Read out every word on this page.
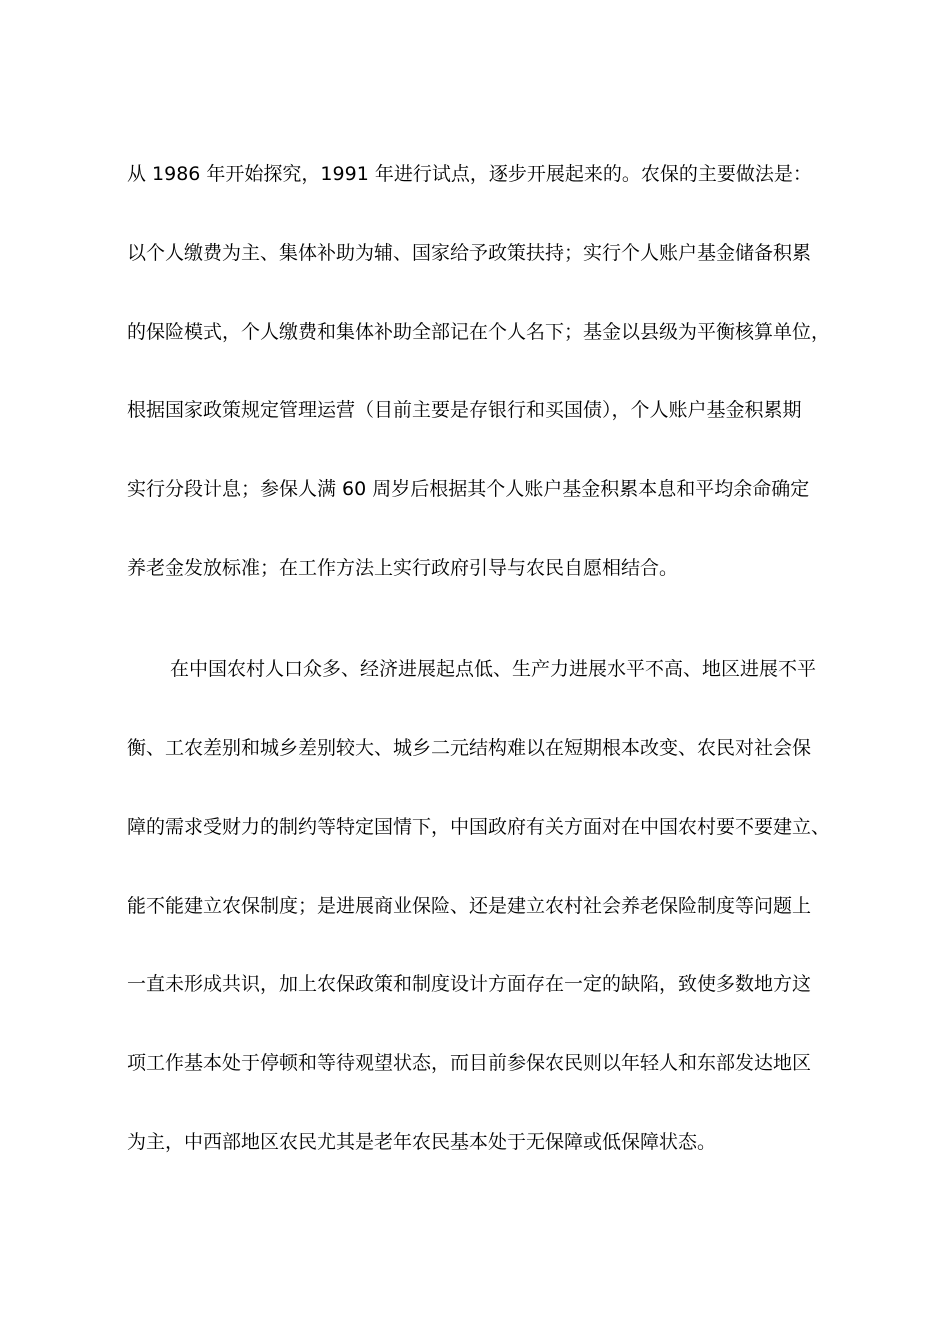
从 1986 年开始探究，1991 年进行试点，逐步开展起来的。农保的主要做法是：
以个人缴费为主、集体补助为辅、国家给予政策扶持；实行个人账户基金储备积累
的保险模式，个人缴费和集体补助全部记在个人名下；基金以县级为平衡核算单位，
根据国家政策规定管理运营（目前主要是存银行和买国债），个人账户基金积累期
实行分段计息；参保人满 60 周岁后根据其个人账户基金积累本息和平均余命确定
养老金发放标准；在工作方法上实行政府引导与农民自愿相结合。
在中国农村人口众多、经济进展起点低、生产力进展水平不高、地区进展不平
衡、工农差别和城乡差别较大、城乡二元结构难以在短期根本改变、农民对社会保
障的需求受财力的制约等特定国情下，中国政府有关方面对在中国农村要不要建立、
能不能建立农保制度；是进展商业保险、还是建立农村社会养老保险制度等问题上
一直未形成共识，加上农保政策和制度设计方面存在一定的缺陷，致使多数地方这
项工作基本处于停顿和等待观望状态，而目前参保农民则以年轻人和东部发达地区
为主，中西部地区农民尤其是老年农民基本处于无保障或低保障状态。
